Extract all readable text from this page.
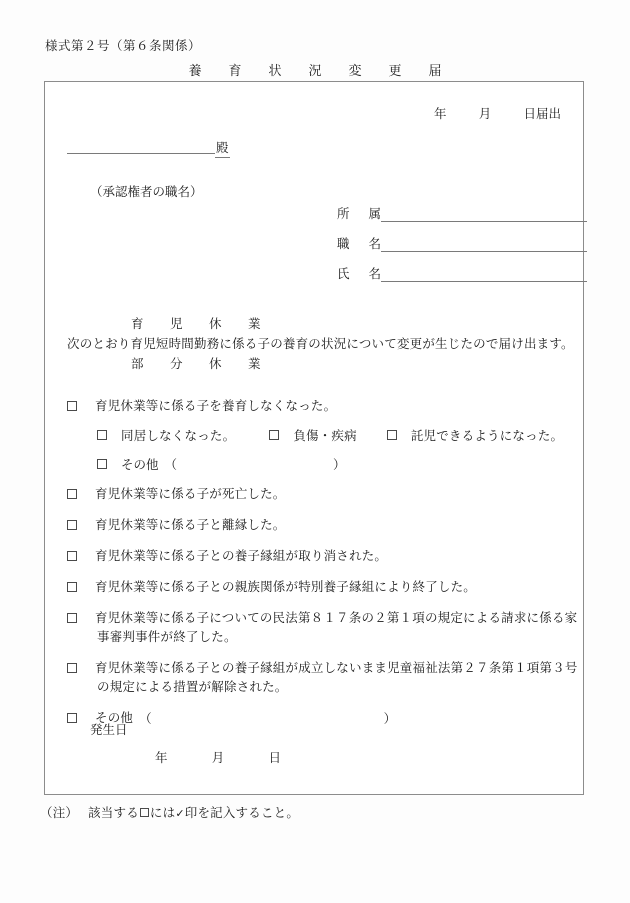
様式第２号（第６条関係）
養　育　状　況　変　更　届
年	月	日届出
殿
（承認権者の職名）
所 属
職 名
氏 名
育　児　休　業
次のとおり育児短時間勤務に係る子の養育の状況について変更が生じたので届け出ます。
部　分　休　業
育児休業等に係る子を養育しなくなった。
同居しなくなった。	負傷・疾病	託児できるようになった。
その他 （	）
育児休業等に係る子が死亡した。
育児休業等に係る子と離縁した。
育児休業等に係る子との養子縁組が取り消された。
育児休業等に係る子との親族関係が特別養子縁組により終了した。
育児休業等に係る子についての民法第８１７条の２第１項の規定による請求に係る家
事審判事件が終了した。
育児休業等に係る子との養子縁組が成立しないまま児童福祉法第２７条第１項第３号
の規定による措置が解除された。
その他 （	）
発生日
年	月	日
（注） 該当する には✓印を記入すること。
